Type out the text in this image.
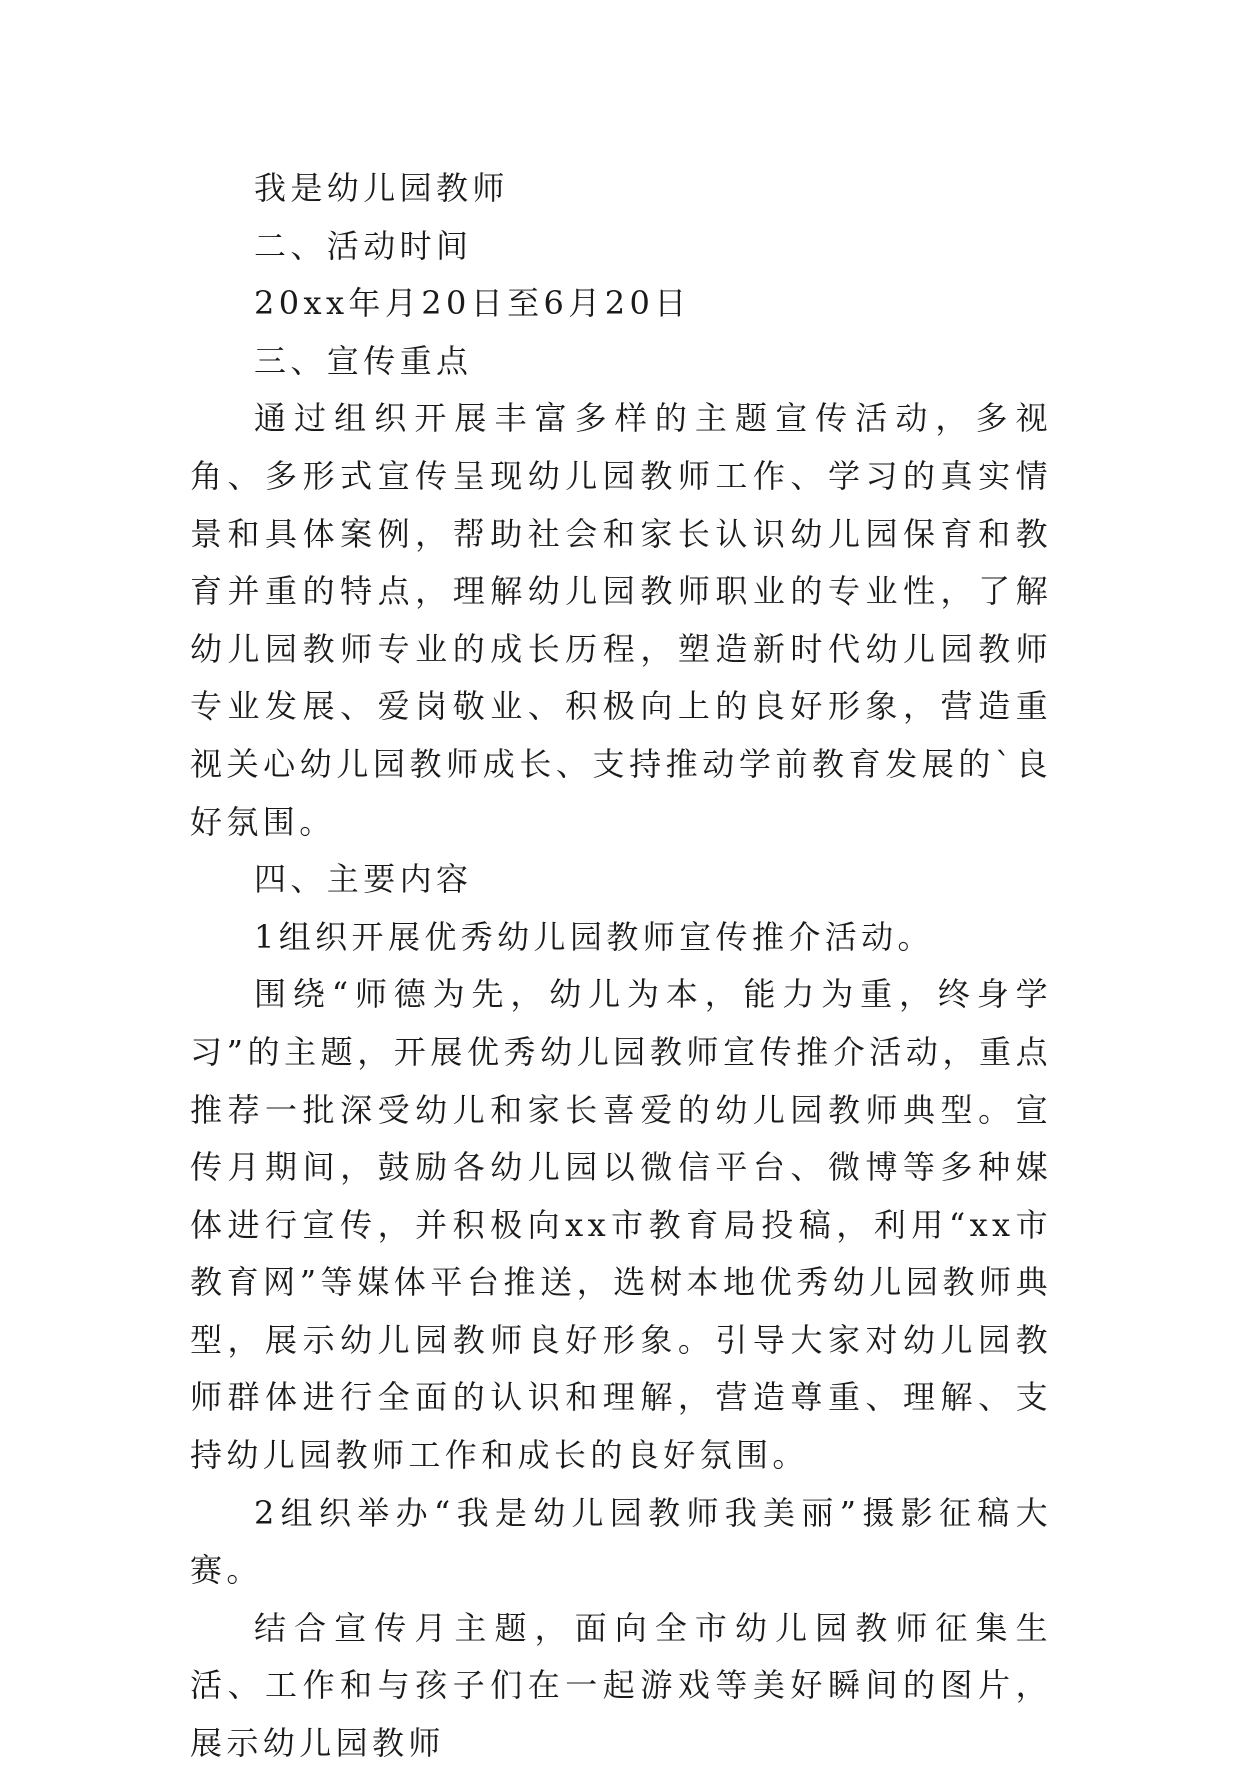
我是幼儿园教师

二、活动时间

20xx年月20日至6月20日

三、宣传重点

通过组织开展丰富多样的主题宣传活动，多视角、多形式宣传呈现幼儿园教师工作、学习的真实情景和具体案例，帮助社会和家长认识幼儿园保育和教育并重的特点，理解幼儿园教师职业的专业性，了解幼儿园教师专业的成长历程，塑造新时代幼儿园教师专业发展、爱岗敬业、积极向上的良好形象，营造重视关心幼儿园教师成长、支持推动学前教育发展的`良好氛围。

四、主要内容

1组织开展优秀幼儿园教师宣传推介活动。

围绕“师德为先，幼儿为本，能力为重，终身学习”的主题，开展优秀幼儿园教师宣传推介活动，重点推荐一批深受幼儿和家长喜爱的幼儿园教师典型。宣传月期间，鼓励各幼儿园以微信平台、微博等多种媒体进行宣传，并积极向xx市教育局投稿，利用“xx市教育网”等媒体平台推送，选树本地优秀幼儿园教师典型，展示幼儿园教师良好形象。引导大家对幼儿园教师群体进行全面的认识和理解，营造尊重、理解、支持幼儿园教师工作和成长的良好氛围。

2组织举办“我是幼儿园教师我美丽”摄影征稿大赛。

结合宣传月主题，面向全市幼儿园教师征集生活、工作和与孩子们在一起游戏等美好瞬间的图片，展示幼儿园教师
